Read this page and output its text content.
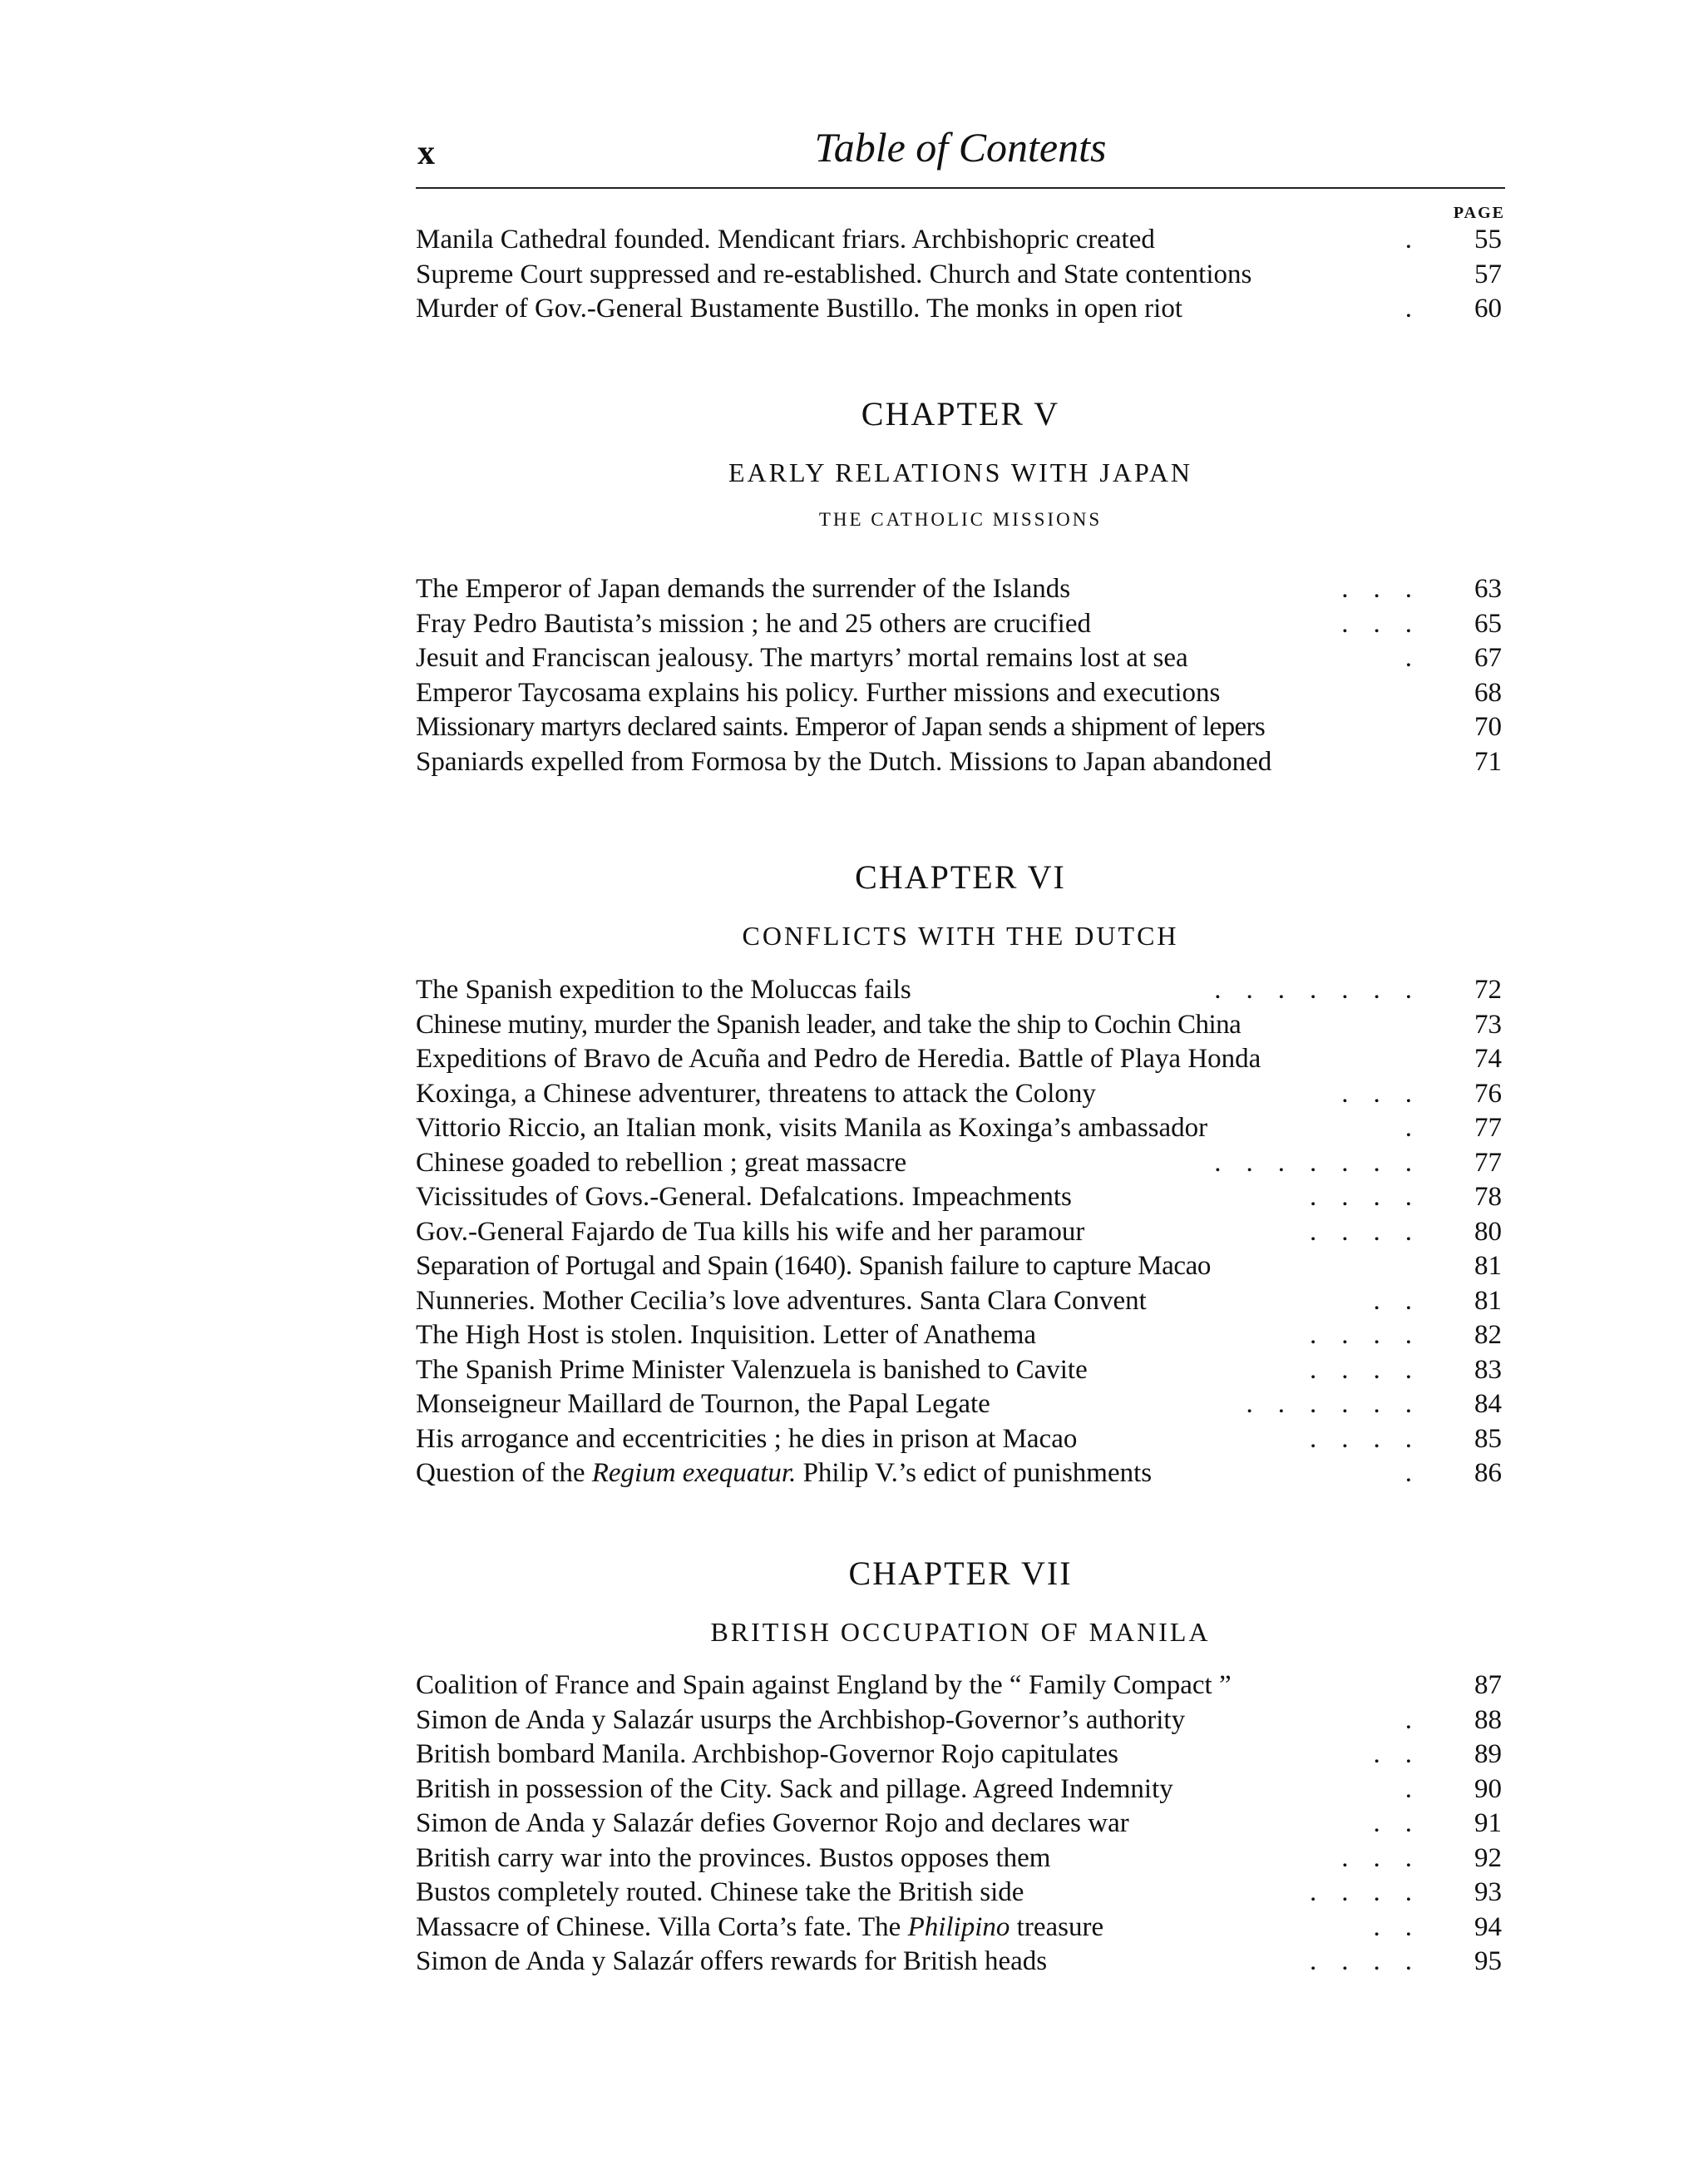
x	Table of Contents
PAGE
Manila Cathedral founded. Mendicant friars. Archbishopric created	.	55
Supreme Court suppressed and re-established. Church and State contentions	57
Murder of Gov.-General Bustamente Bustillo. The monks in open riot	.	60
CHAPTER V
EARLY RELATIONS WITH JAPAN
THE CATHOLIC MISSIONS
The Emperor of Japan demands the surrender of the Islands	...	63
Fray Pedro Bautista’s mission ; he and 25 others are crucified	...	65
Jesuit and Franciscan jealousy. The martyrs’ mortal remains lost at sea	.	67
Emperor Taycosama explains his policy. Further missions and executions	68
Missionary martyrs declared saints. Emperor of Japan sends a shipment of lepers	70
Spaniards expelled from Formosa by the Dutch. Missions to Japan abandoned	71
CHAPTER VI
CONFLICTS WITH THE DUTCH
The Spanish expedition to the Moluccas fails	.......	72
Chinese mutiny, murder the Spanish leader, and take the ship to Cochin China	73
Expeditions of Bravo de Acuña and Pedro de Heredia. Battle of Playa Honda	74
Koxinga, a Chinese adventurer, threatens to attack the Colony	...	76
Vittorio Riccio, an Italian monk, visits Manila as Koxinga’s ambassador	.	77
Chinese goaded to rebellion ; great massacre	.......	77
Vicissitudes of Govs.-General. Defalcations. Impeachments	....	78
Gov.-General Fajardo de Tua kills his wife and her paramour	....	80
Separation of Portugal and Spain (1640). Spanish failure to capture Macao	81
Nunneries. Mother Cecilia’s love adventures. Santa Clara Convent	..	81
The High Host is stolen. Inquisition. Letter of Anathema	....	82
The Spanish Prime Minister Valenzuela is banished to Cavite	....	83
Monseigneur Maillard de Tournon, the Papal Legate	......	84
His arrogance and eccentricities ; he dies in prison at Macao	....	85
Question of the Regium exequatur. Philip V.’s edict of punishments	.	86
CHAPTER VII
BRITISH OCCUPATION OF MANILA
Coalition of France and Spain against England by the “ Family Compact ”	87
Simon de Anda y Salazár usurps the Archbishop-Governor’s authority	.	88
British bombard Manila. Archbishop-Governor Rojo capitulates	..	89
British in possession of the City. Sack and pillage. Agreed Indemnity	.	90
Simon de Anda y Salazár defies Governor Rojo and declares war	..	91
British carry war into the provinces. Bustos opposes them	...	92
Bustos completely routed. Chinese take the British side	....	93
Massacre of Chinese. Villa Corta’s fate. The Philipino treasure	..	94
Simon de Anda y Salazár offers rewards for British heads	....	95
